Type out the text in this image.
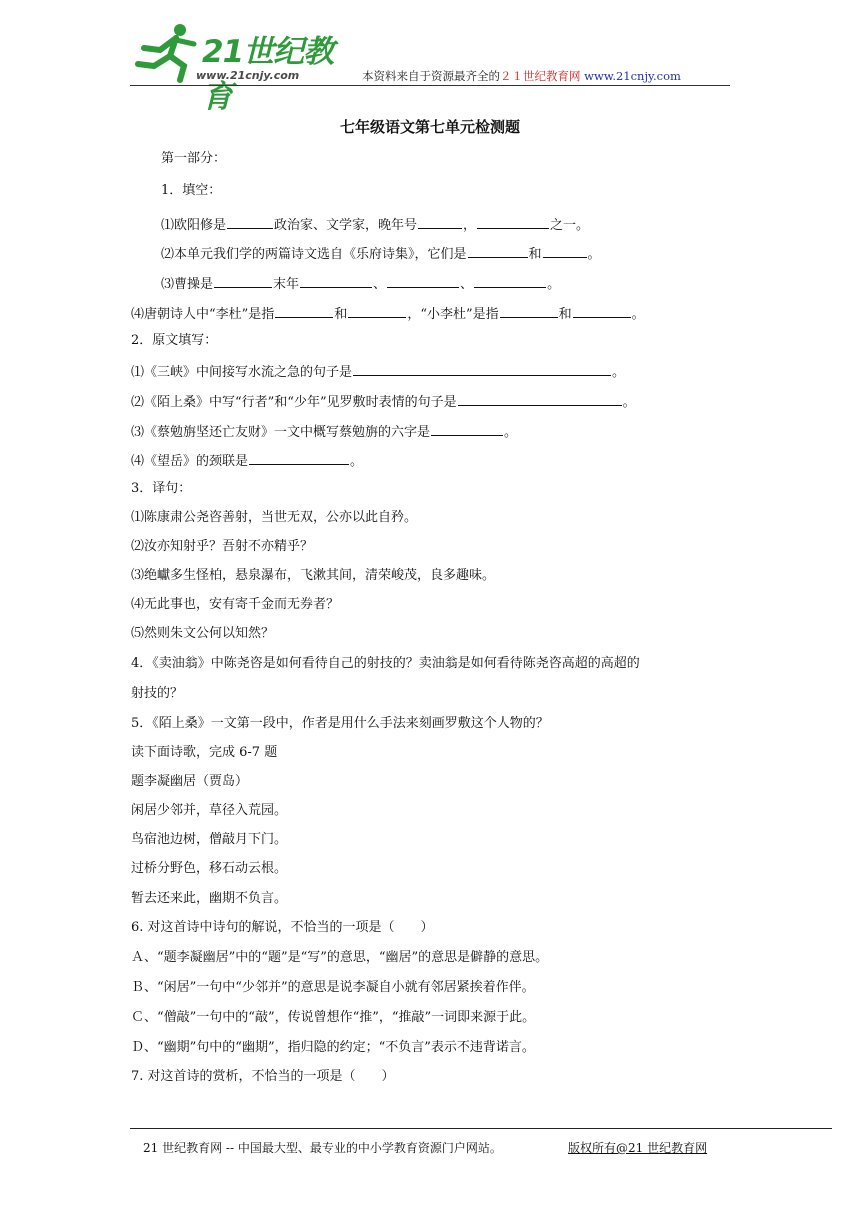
21世纪教育
www.21cnjy.com	本资料来自于资源最齐全的２１世纪教育网 www.21cnjy.com
七年级语文第七单元检测题
第一部分：
1．填空：
⑴欧阳修是	政治家、文学家，晚年号	，	之一。
⑵本单元我们学的两篇诗文选自《乐府诗集》，它们是	和	。
⑶曹操是	末年	、	、	。
⑷唐朝诗人中“李杜”是指	和	，“小李杜”是指	和	。
2．原文填写：
⑴《三峡》中间接写水流之急的句子是	。
⑵《陌上桑》中写“行者”和“少年”见罗敷时表情的句子是	。
⑶《蔡勉旃坚还亡友财》一文中概写蔡勉旃的六字是	。
⑷《望岳》的颈联是	。
3．译句：
⑴陈康肃公尧咨善射，当世无双，公亦以此自矜。
⑵汝亦知射乎？吾射不亦精乎？
⑶绝巘多生怪柏，悬泉瀑布，飞漱其间，清荣峻茂，良多趣味。
⑷无此事也，安有寄千金而无券者？
⑸然则朱文公何以知然？
4．《卖油翁》中陈尧咨是如何看待自己的射技的？卖油翁是如何看待陈尧咨高超的高超的
射技的？
5．《陌上桑》一文第一段中，作者是用什么手法来刻画罗敷这个人物的？
读下面诗歌，完成 6-7 题
题李凝幽居（贾岛）
闲居少邻并，草径入荒园。
鸟宿池边树，僧敲月下门。
过桥分野色，移石动云根。
暂去还来此，幽期不负言。
6. 对这首诗中诗句的解说，不恰当的一项是（　　）
Ａ、“题李凝幽居”中的“题”是“写”的意思，“幽居”的意思是僻静的意思。
Ｂ、“闲居”一句中“少邻并”的意思是说李凝自小就有邻居紧挨着作伴。
Ｃ、“僧敲”一句中的“敲”，传说曾想作“推”，“推敲”一词即来源于此。
Ｄ、“幽期”句中的“幽期”，指归隐的约定；“不负言”表示不违背诺言。
7. 对这首诗的赏析，不恰当的一项是（　　）
21 世纪教育网 -- 中国最大型、最专业的中小学教育资源门户网站。	版权所有@21 世纪教育网
